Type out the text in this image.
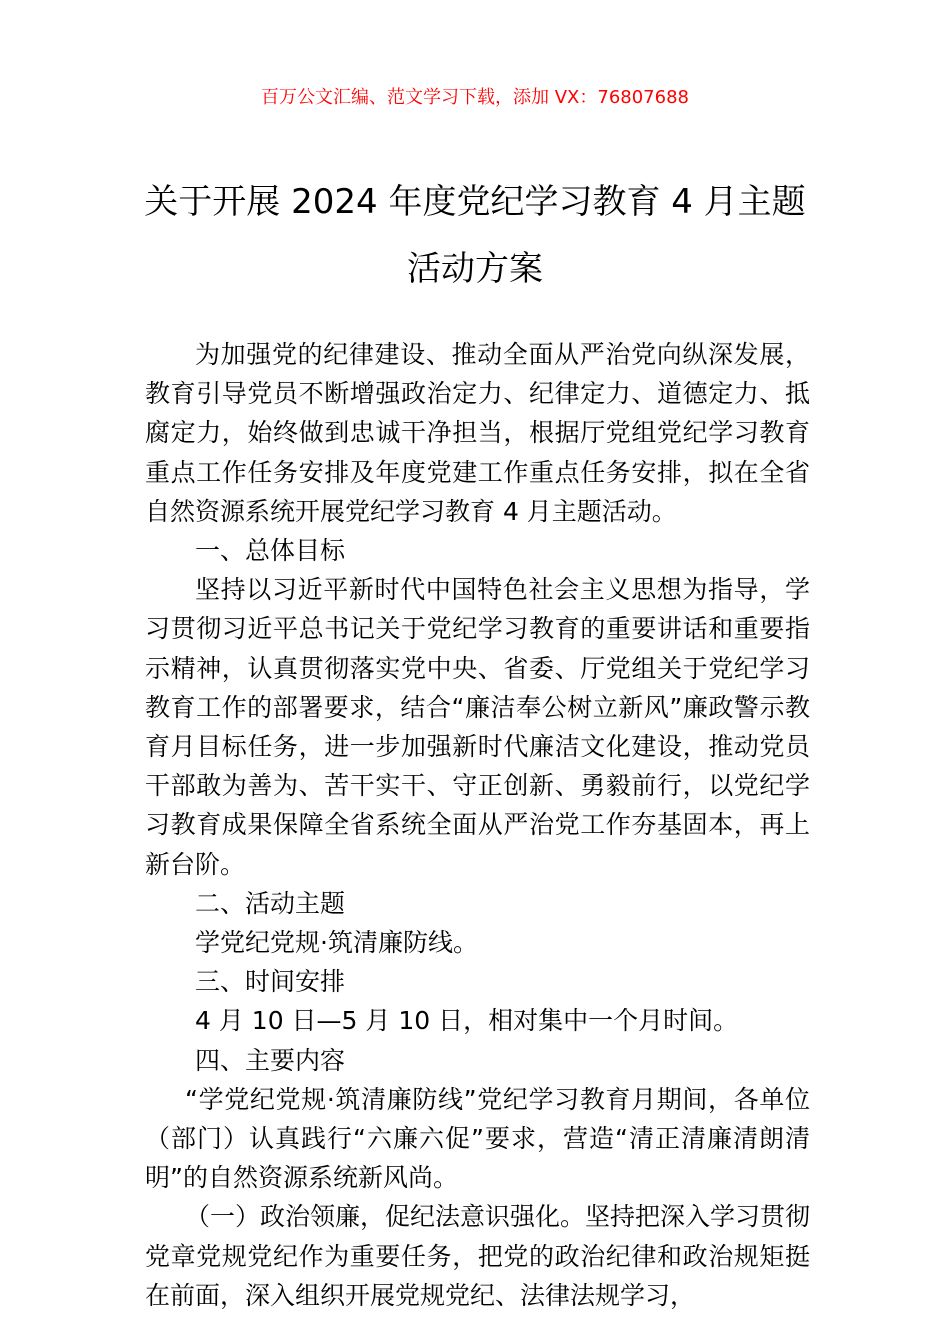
百万公文汇编、范文学习下载，添加 VX：76807688
关于开展 2024 年度党纪学习教育 4 月主题
活动方案

为加强党的纪律建设、推动全面从严治党向纵深发展，教育引导党员不断增强政治定力、纪律定力、道德定力、抵腐定力，始终做到忠诚干净担当，根据厅党组党纪学习教育重点工作任务安排及年度党建工作重点任务安排，拟在全省自然资源系统开展党纪学习教育 4 月主题活动。

一、总体目标

坚持以习近平新时代中国特色社会主义思想为指导，学习贯彻习近平总书记关于党纪学习教育的重要讲话和重要指示精神，认真贯彻落实党中央、省委、厅党组关于党纪学习教育工作的部署要求，结合“廉洁奉公树立新风”廉政警示教育月目标任务，进一步加强新时代廉洁文化建设，推动党员干部敢为善为、苦干实干、守正创新、勇毅前行，以党纪学习教育成果保障全省系统全面从严治党工作夯基固本，再上新台阶。

二、活动主题

学党纪党规·筑清廉防线。

三、时间安排

4 月 10 日—5 月 10 日，相对集中一个月时间。

四、主要内容

“学党纪党规·筑清廉防线”党纪学习教育月期间，各单位（部门）认真践行“六廉六促”要求，营造“清正清廉清朗清明”的自然资源系统新风尚。

（一）政治领廉，促纪法意识强化。坚持把深入学习贯彻党章党规党纪作为重要任务，把党的政治纪律和政治规矩挺在前面，深入组织开展党规党纪、法律法规学习，
